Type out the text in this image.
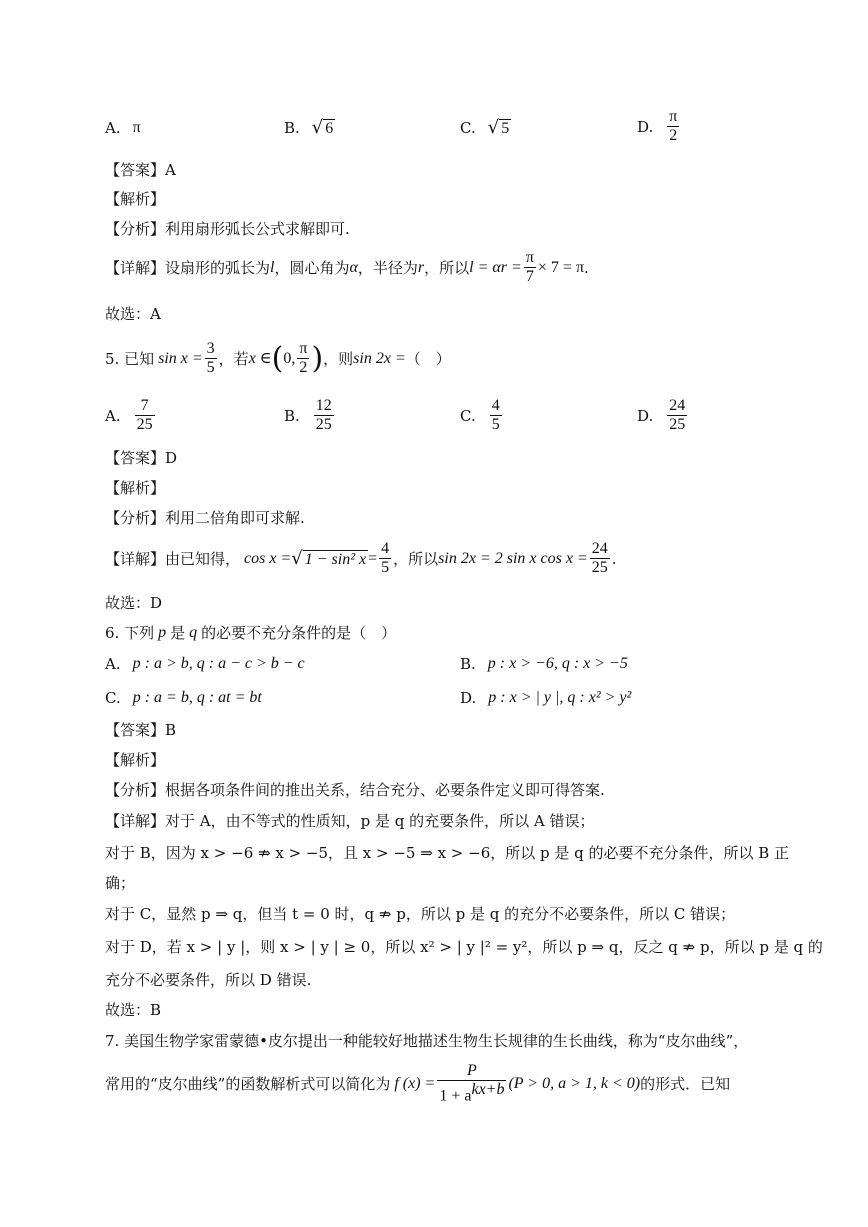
A. π	B. √ 6	C. √ 5	D. $\frac{\pi}{2}$
【答案】A
【解析】
【分析】利用扇形弧长公式求解即可.
【详解】设扇形的弧长为 l ，圆心角为 α ，半径为 r ，所以 $l = \alpha r = \frac{\pi}{7} \times 7 = \pi$ .
故选：A
5. 已知 $\sin x = \frac{3}{5}$ ，若 x ∈ ( 0, $\frac{\pi}{2}$ ) ，则 sin 2x = （　）
A. $\frac{7}{25}$	B. $\frac{12}{25}$	C. $\frac{4}{5}$	D. $\frac{24}{25}$
【答案】D
【解析】
【分析】利用二倍角即可求解.
【详解】由已知得， cos x = √ 1 − sin² $x = \frac{4}{5}$ ，所以 sin 2x = 2 sin x $\cos x = \frac{24}{25}$ .
故选：D
6. 下列 p 是 q 的必要不充分条件的是（　）
A. p : a > b, q : a − c > b − c	B. p : x > −6, q : x > −5
C. p : a = b, q : at = bt	D. p : x > | y |, q : x² > y²
【答案】B
【解析】
【分析】根据各项条件间的推出关系，结合充分、必要条件定义即可得答案.
【详解】对于 A，由不等式的性质知，p 是 q 的充要条件，所以 A 错误；
对于 B，因为 x > −6 ⇏ x > −5，且 x > −5 ⇒ x > −6，所以 p 是 q 的必要不充分条件，所以 B 正
确；
对于 C，显然 p ⇒ q，但当 t = 0 时，q ⇏ p，所以 p 是 q 的充分不必要条件，所以 C 错误；
对于 D，若 x > | y |，则 x > | y | ≥ 0，所以 x² > | y |² = y²，所以 p ⇒ q，反之 q ⇏ p，所以 p 是 q 的
充分不必要条件，所以 D 错误.
故选：B
7. 美国生物学家雷蒙德•皮尔提出一种能较好地描述生物生长规律的生长曲线，称为“皮尔曲线”，
常用的“皮尔曲线”的函数解析式可以简化为 f $(x) = \frac{P}{1 + a^{kx+b}} (P > 0$, a > 1, k < 0) 的形式．已知
